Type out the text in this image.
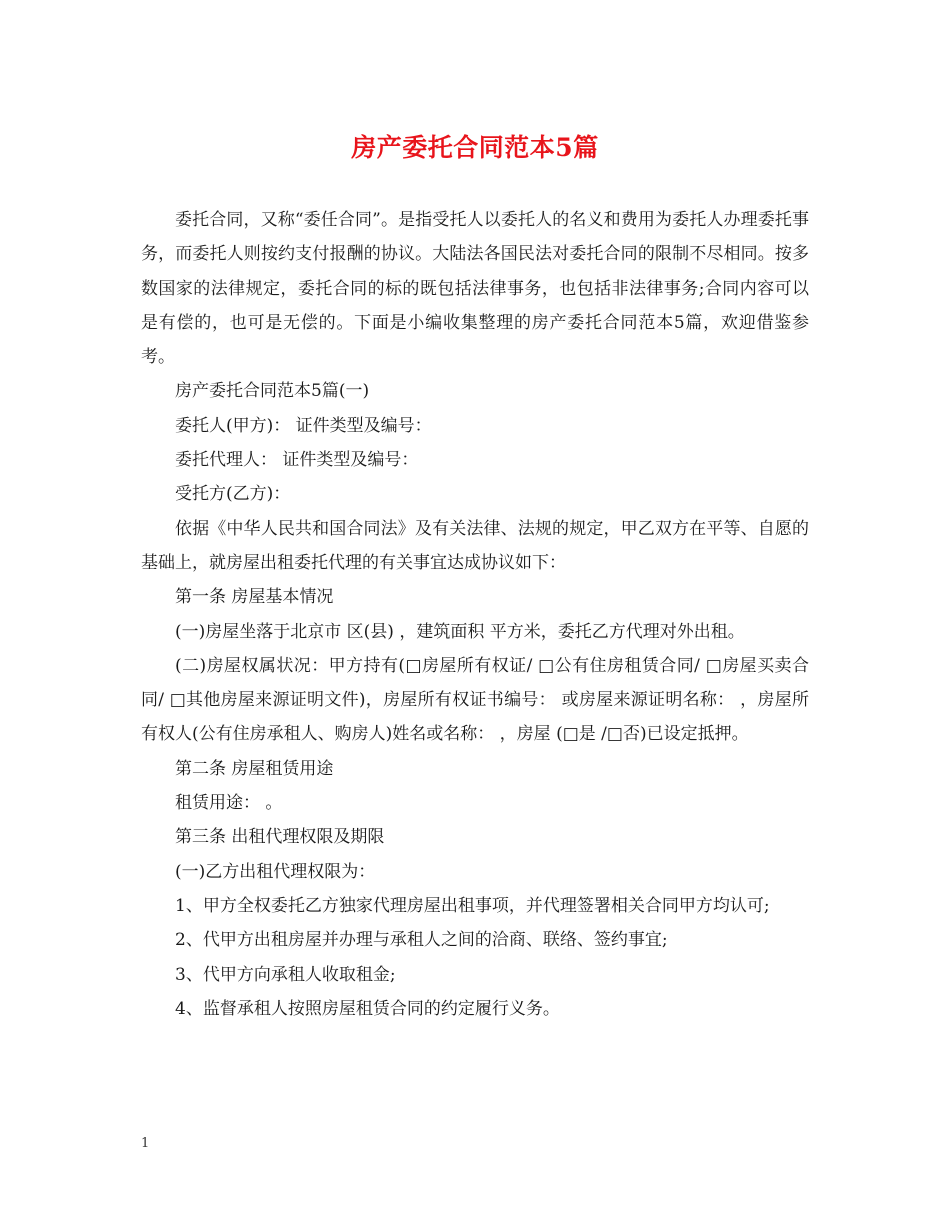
房产委托合同范本5篇

委托合同，又称“委任合同”。是指受托人以委托人的名义和费用为委托人办理委托事务，而委托人则按约支付报酬的协议。大陆法各国民法对委托合同的限制不尽相同。按多数国家的法律规定，委托合同的标的既包括法律事务，也包括非法律事务;合同内容可以是有偿的，也可是无偿的。下面是小编收集整理的房产委托合同范本5篇，欢迎借鉴参考。

房产委托合同范本5篇(一)

委托人(甲方)： 证件类型及编号：

委托代理人： 证件类型及编号：

受托方(乙方)：

依据《中华人民共和国合同法》及有关法律、法规的规定，甲乙双方在平等、自愿的基础上，就房屋出租委托代理的有关事宜达成协议如下：

第一条 房屋基本情况

(一)房屋坐落于北京市 区(县) ，建筑面积 平方米，委托乙方代理对外出租。

(二)房屋权属状况：甲方持有(□房屋所有权证/ □公有住房租赁合同/ □房屋买卖合同/ □其他房屋来源证明文件)，房屋所有权证书编号： 或房屋来源证明名称： ，房屋所有权人(公有住房承租人、购房人)姓名或名称： ，房屋 (□是 /□否)已设定抵押。

第二条 房屋租赁用途

租赁用途： 。

第三条 出租代理权限及期限

(一)乙方出租代理权限为：

1、甲方全权委托乙方独家代理房屋出租事项，并代理签署相关合同甲方均认可;

2、代甲方出租房屋并办理与承租人之间的洽商、联络、签约事宜;

3、代甲方向承租人收取租金;

4、监督承租人按照房屋租赁合同的约定履行义务。

1
